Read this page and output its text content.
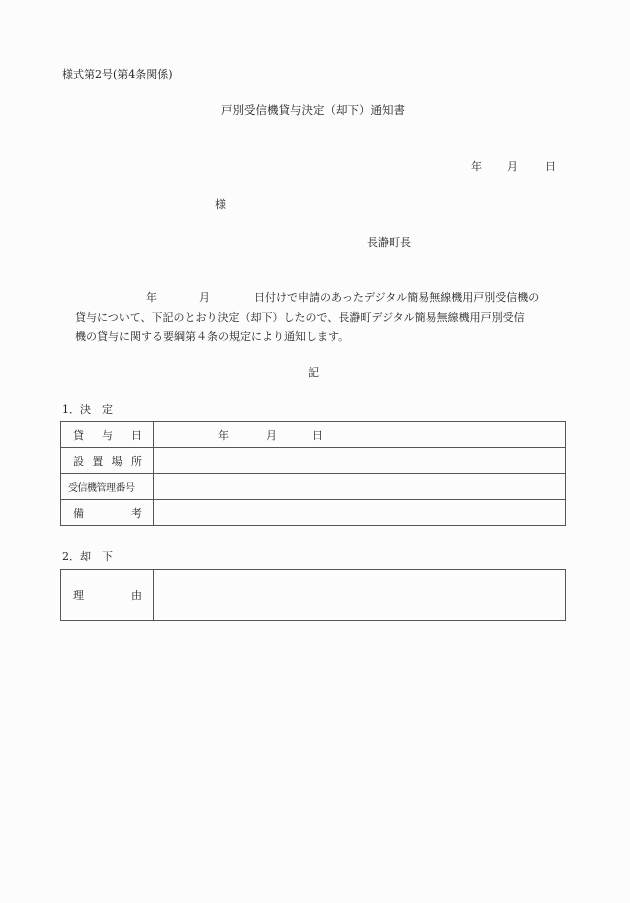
様式第2号(第4条関係)
戸別受信機貸与決定（却下）通知書
年 月 日
様
長瀞町長
年	月	日付けで申請のあったデジタル簡易無線機用戸別受信機の
貸与について、下記のとおり決定（却下）したので、長瀞町デジタル簡易無線機用戸別受信
機の貸与に関する要綱第４条の規定により通知します。
記
1．決　定
貸 与 日	年 月 日

設 置 場 所	

受信機管理番号	

備 考	

2．却　下
理	由
